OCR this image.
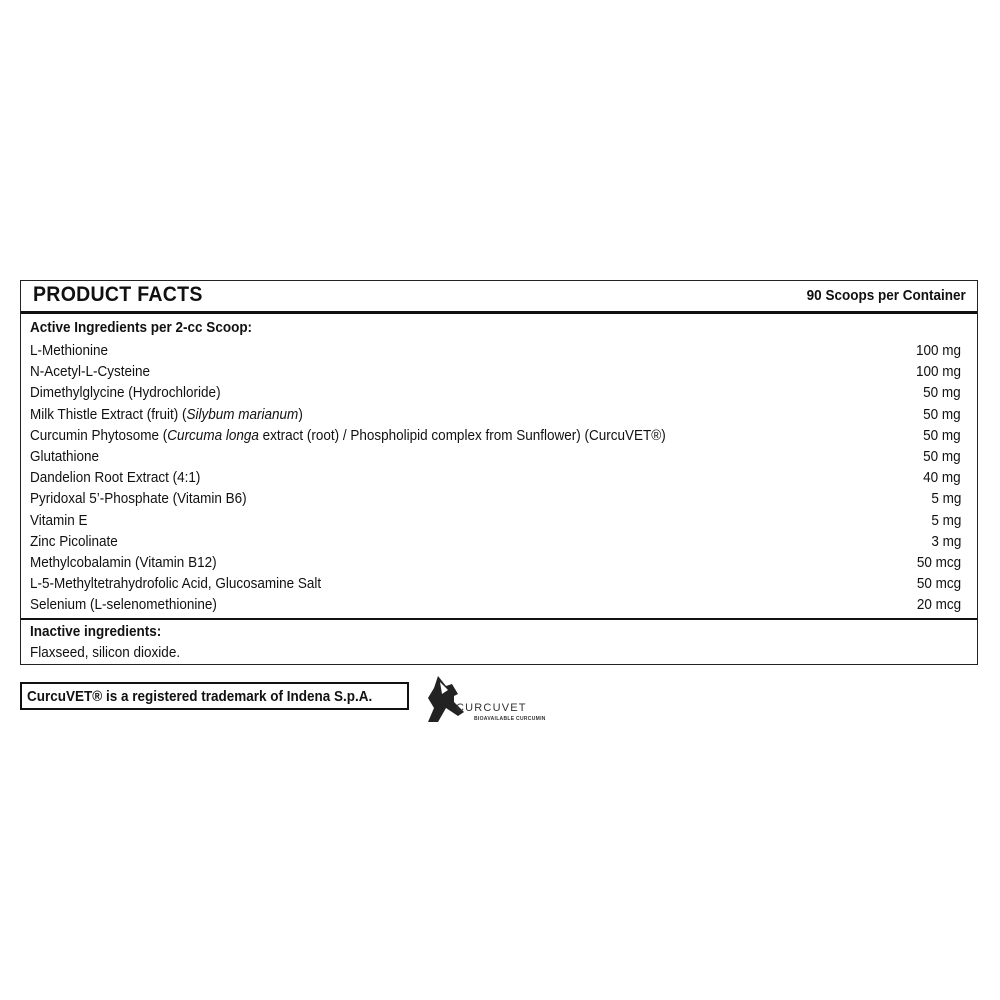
PRODUCT FACTS	90 Scoops per Container
Active Ingredients per 2-cc Scoop:
L-Methionine	100 mg
N-Acetyl-L-Cysteine	100 mg
Dimethylglycine (Hydrochloride)	50 mg
Milk Thistle Extract (fruit) (Silybum marianum)	50 mg
Curcumin Phytosome (Curcuma longa extract (root) / Phospholipid complex from Sunflower) (CurcuVET®)	50 mg
Glutathione	50 mg
Dandelion Root Extract (4:1)	40 mg
Pyridoxal 5’-Phosphate (Vitamin B6)	5 mg
Vitamin E	5 mg
Zinc Picolinate	3 mg
Methylcobalamin (Vitamin B12)	50 mcg
L-5-Methyltetrahydrofolic Acid, Glucosamine Salt	50 mcg
Selenium (L-selenomethionine)	20 mcg
Inactive ingredients:
Flaxseed, silicon dioxide.
CurcuVET® is a registered trademark of Indena S.p.A.
CURCUVET
BIOAVAILABLE CURCUMIN
